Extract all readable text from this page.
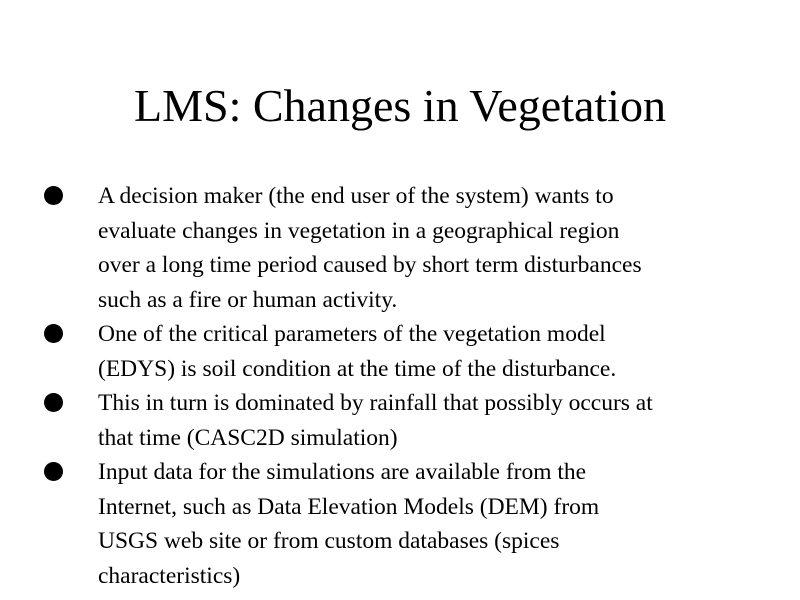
LMS: Changes in Vegetation
A decision maker (the end user of the system) wants to
evaluate changes in vegetation in a geographical region
over a long time period caused by short term disturbances
such as a fire or human activity.
One of the critical parameters of the vegetation model
(EDYS) is soil condition at the time of the disturbance.
This in turn is dominated by rainfall that possibly occurs at
that time (CASC2D simulation)
Input data for the simulations are available from the
Internet, such as Data Elevation Models (DEM) from
USGS web site or from custom databases (spices
characteristics)
